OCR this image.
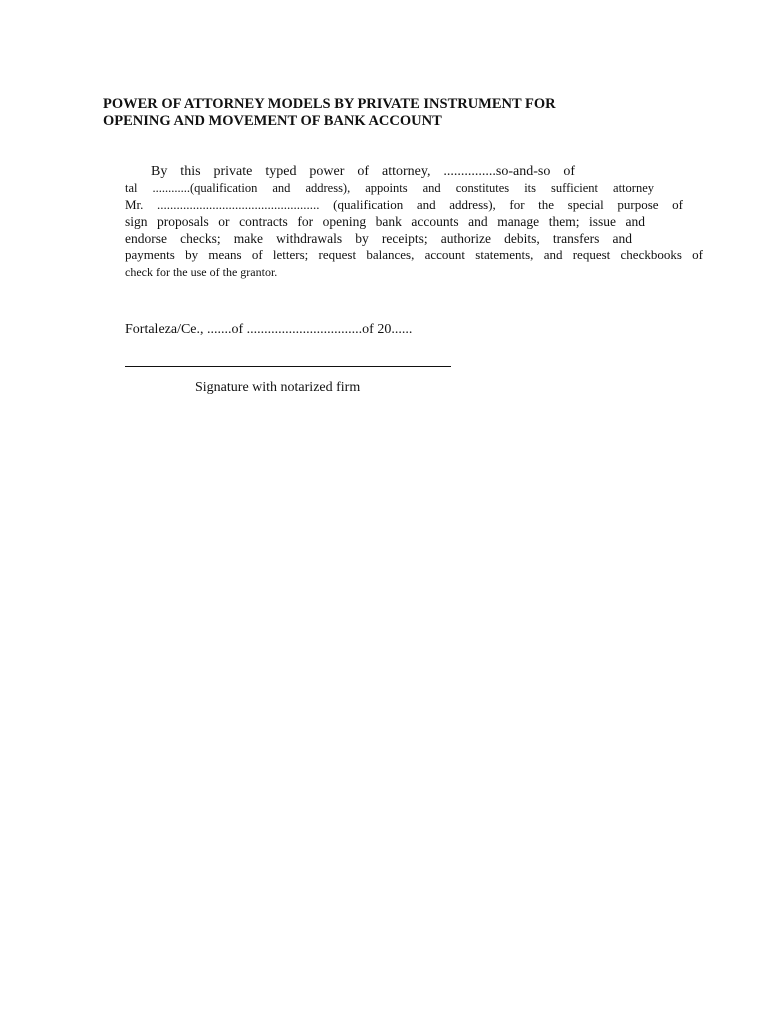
POWER OF ATTORNEY MODELS BY PRIVATE INSTRUMENT FOR
OPENING AND MOVEMENT OF BANK ACCOUNT
By this private typed power of attorney, ...............so-and-so of
tal ............(qualification and address), appoints and constitutes its sufficient attorney
Mr. .................................................. (qualification and address), for the special purpose of
sign proposals or contracts for opening bank accounts and manage them; issue and
endorse checks; make withdrawals by receipts; authorize debits, transfers and
payments by means of letters; request balances, account statements, and request checkbooks of
check for the use of the grantor.
Fortaleza/Ce., .......of .................................of 20......
Signature with notarized firm
